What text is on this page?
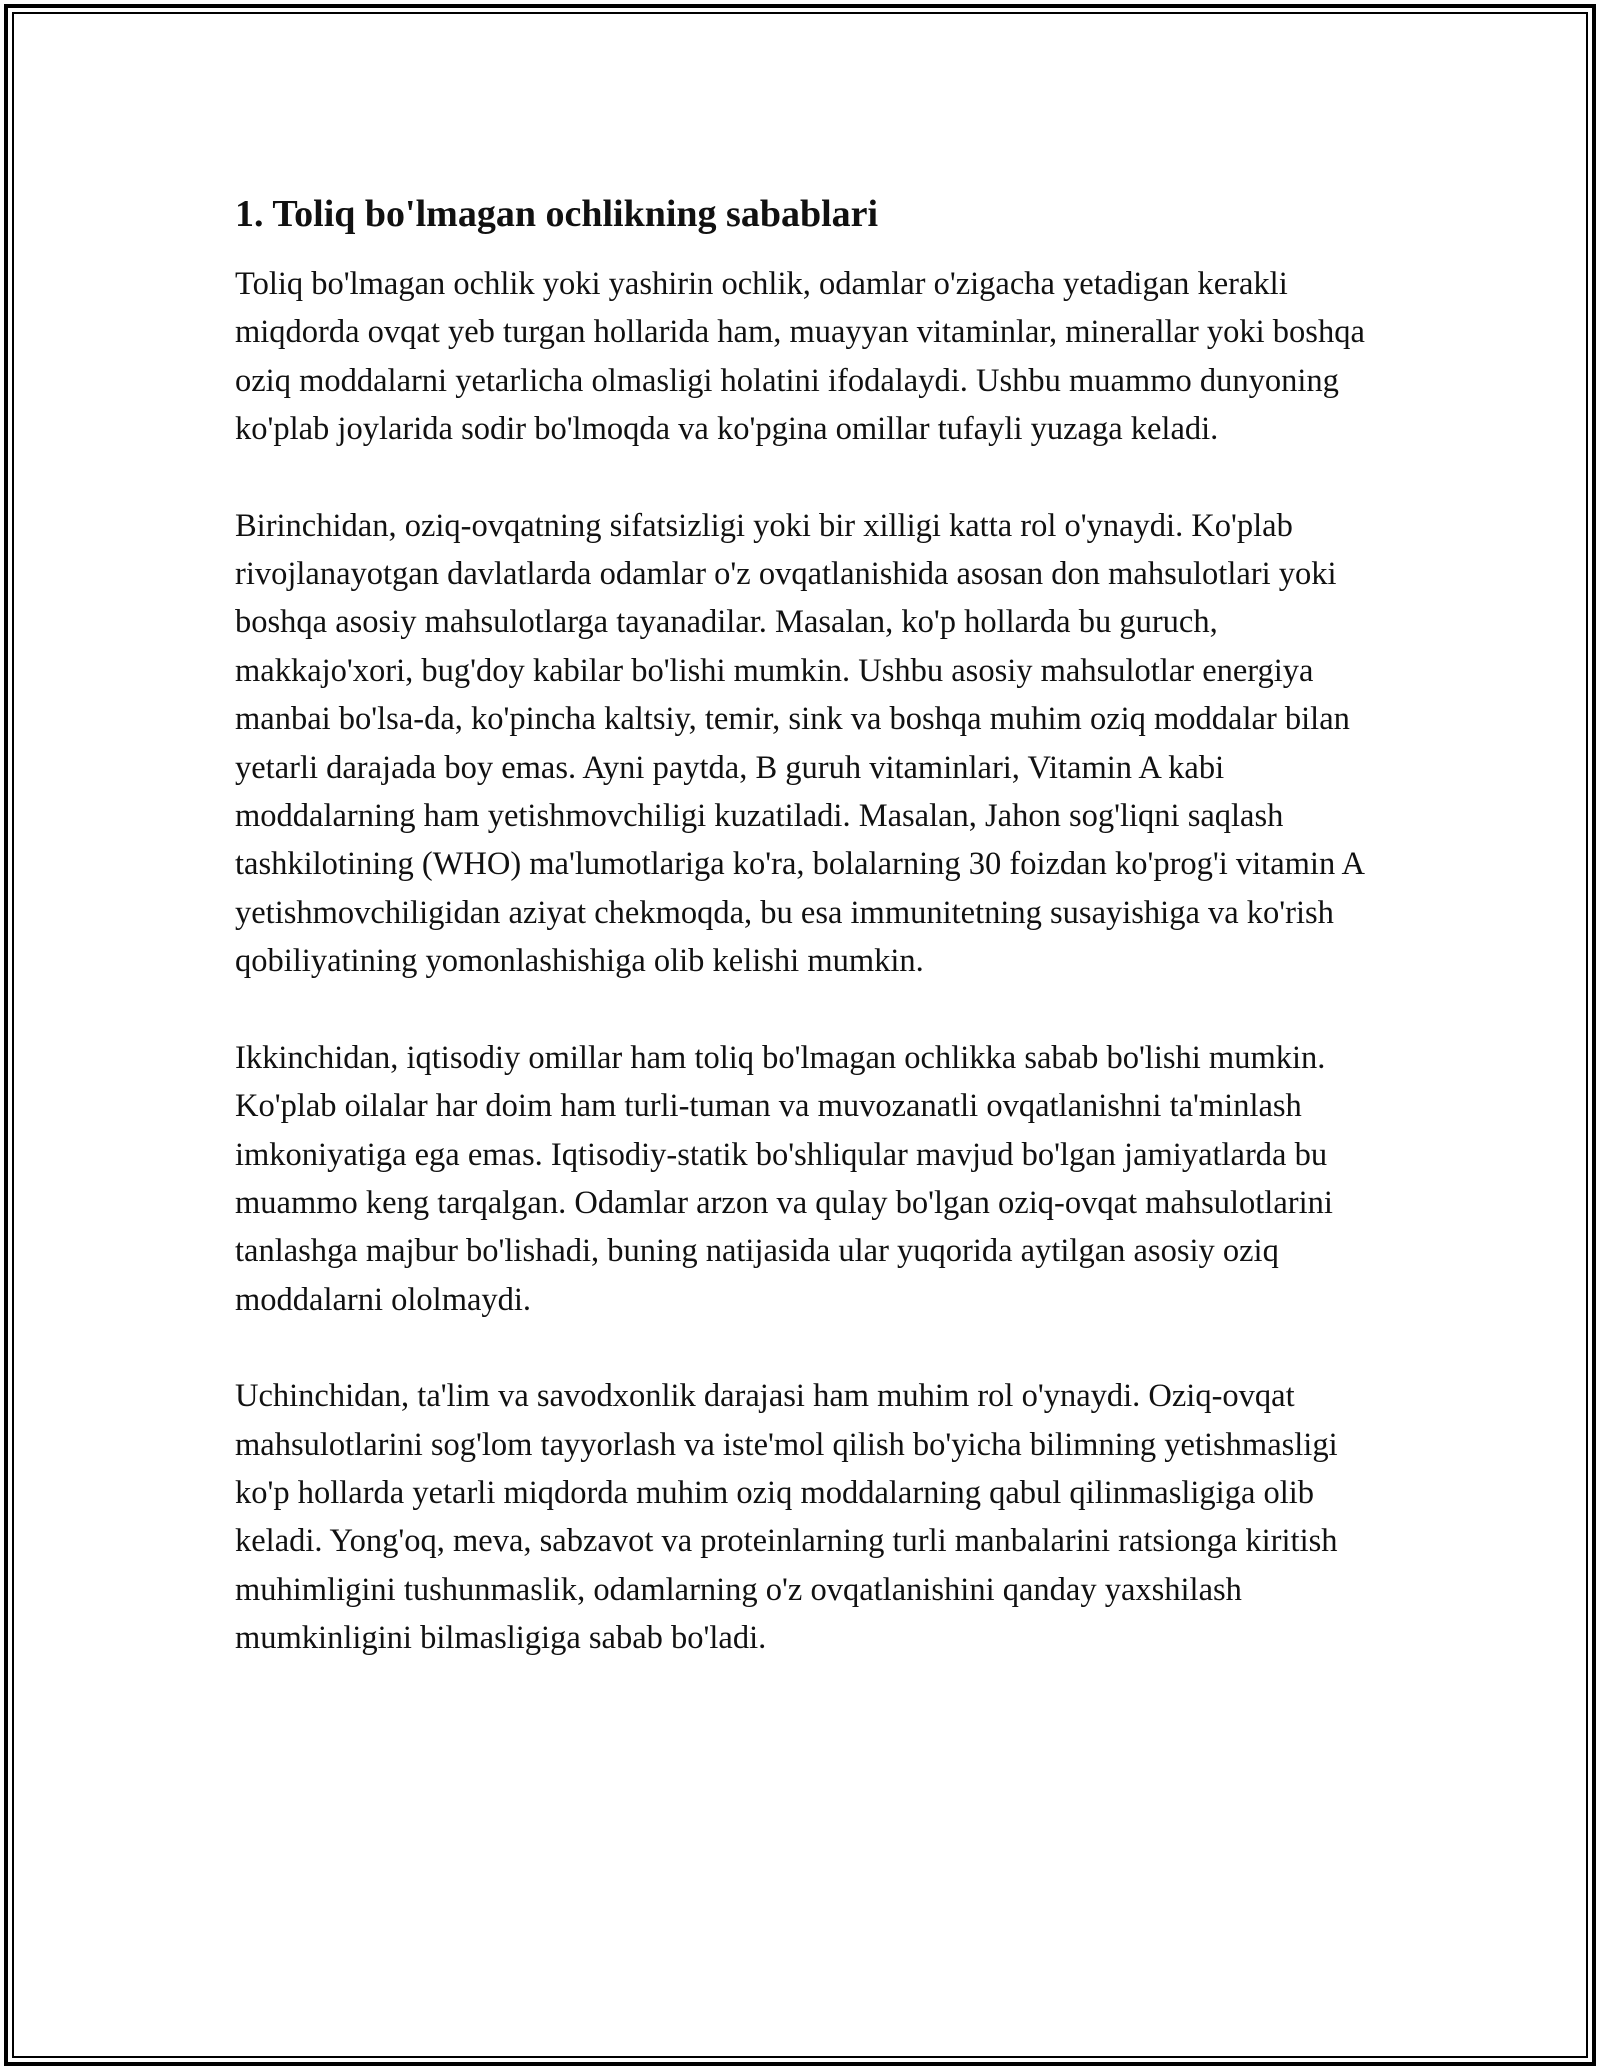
1. Toliq bo'lmagan ochlikning sabablari

Toliq bo'lmagan ochlik yoki yashirin ochlik, odamlar o'zigacha yetadigan kerakli miqdorda ovqat yeb turgan hollarida ham, muayyan vitaminlar, minerallar yoki boshqa oziq moddalarni yetarlicha olmasligi holatini ifodalaydi. Ushbu muammo dunyoning ko'plab joylarida sodir bo'lmoqda va ko'pgina omillar tufayli yuzaga keladi.

Birinchidan, oziq-ovqatning sifatsizligi yoki bir xilligi katta rol o'ynaydi. Ko'plab rivojlanayotgan davlatlarda odamlar o'z ovqatlanishida asosan don mahsulotlari yoki boshqa asosiy mahsulotlarga tayanadilar. Masalan, ko'p hollarda bu guruch, makkajo'xori, bug'doy kabilar bo'lishi mumkin. Ushbu asosiy mahsulotlar energiya manbai bo'lsa-da, ko'pincha kaltsiy, temir, sink va boshqa muhim oziq moddalar bilan yetarli darajada boy emas. Ayni paytda, B guruh vitaminlari, Vitamin A kabi moddalarning ham yetishmovchiligi kuzatiladi. Masalan, Jahon sog'liqni saqlash tashkilotining (WHO) ma'lumotlariga ko'ra, bolalarning 30 foizdan ko'prog'i vitamin A yetishmovchiligidan aziyat chekmoqda, bu esa immunitetning susayishiga va ko'rish qobiliyatining yomonlashishiga olib kelishi mumkin.

Ikkinchidan, iqtisodiy omillar ham toliq bo'lmagan ochlikka sabab bo'lishi mumkin. Ko'plab oilalar har doim ham turli-tuman va muvozanatli ovqatlanishni ta'minlash imkoniyatiga ega emas. Iqtisodiy-statik bo'shliqular mavjud bo'lgan jamiyatlarda bu muammo keng tarqalgan. Odamlar arzon va qulay bo'lgan oziq-ovqat mahsulotlarini tanlashga majbur bo'lishadi, buning natijasida ular yuqorida aytilgan asosiy oziq moddalarni ololmaydi.

Uchinchidan, ta'lim va savodxonlik darajasi ham muhim rol o'ynaydi. Oziq-ovqat mahsulotlarini sog'lom tayyorlash va iste'mol qilish bo'yicha bilimning yetishmasligi ko'p hollarda yetarli miqdorda muhim oziq moddalarning qabul qilinmasligiga olib keladi. Yong'oq, meva, sabzavot va proteinlarning turli manbalarini ratsionga kiritish muhimligini tushunmaslik, odamlarning o'z ovqatlanishini qanday yaxshilash mumkinligini bilmasligiga sabab bo'ladi.
